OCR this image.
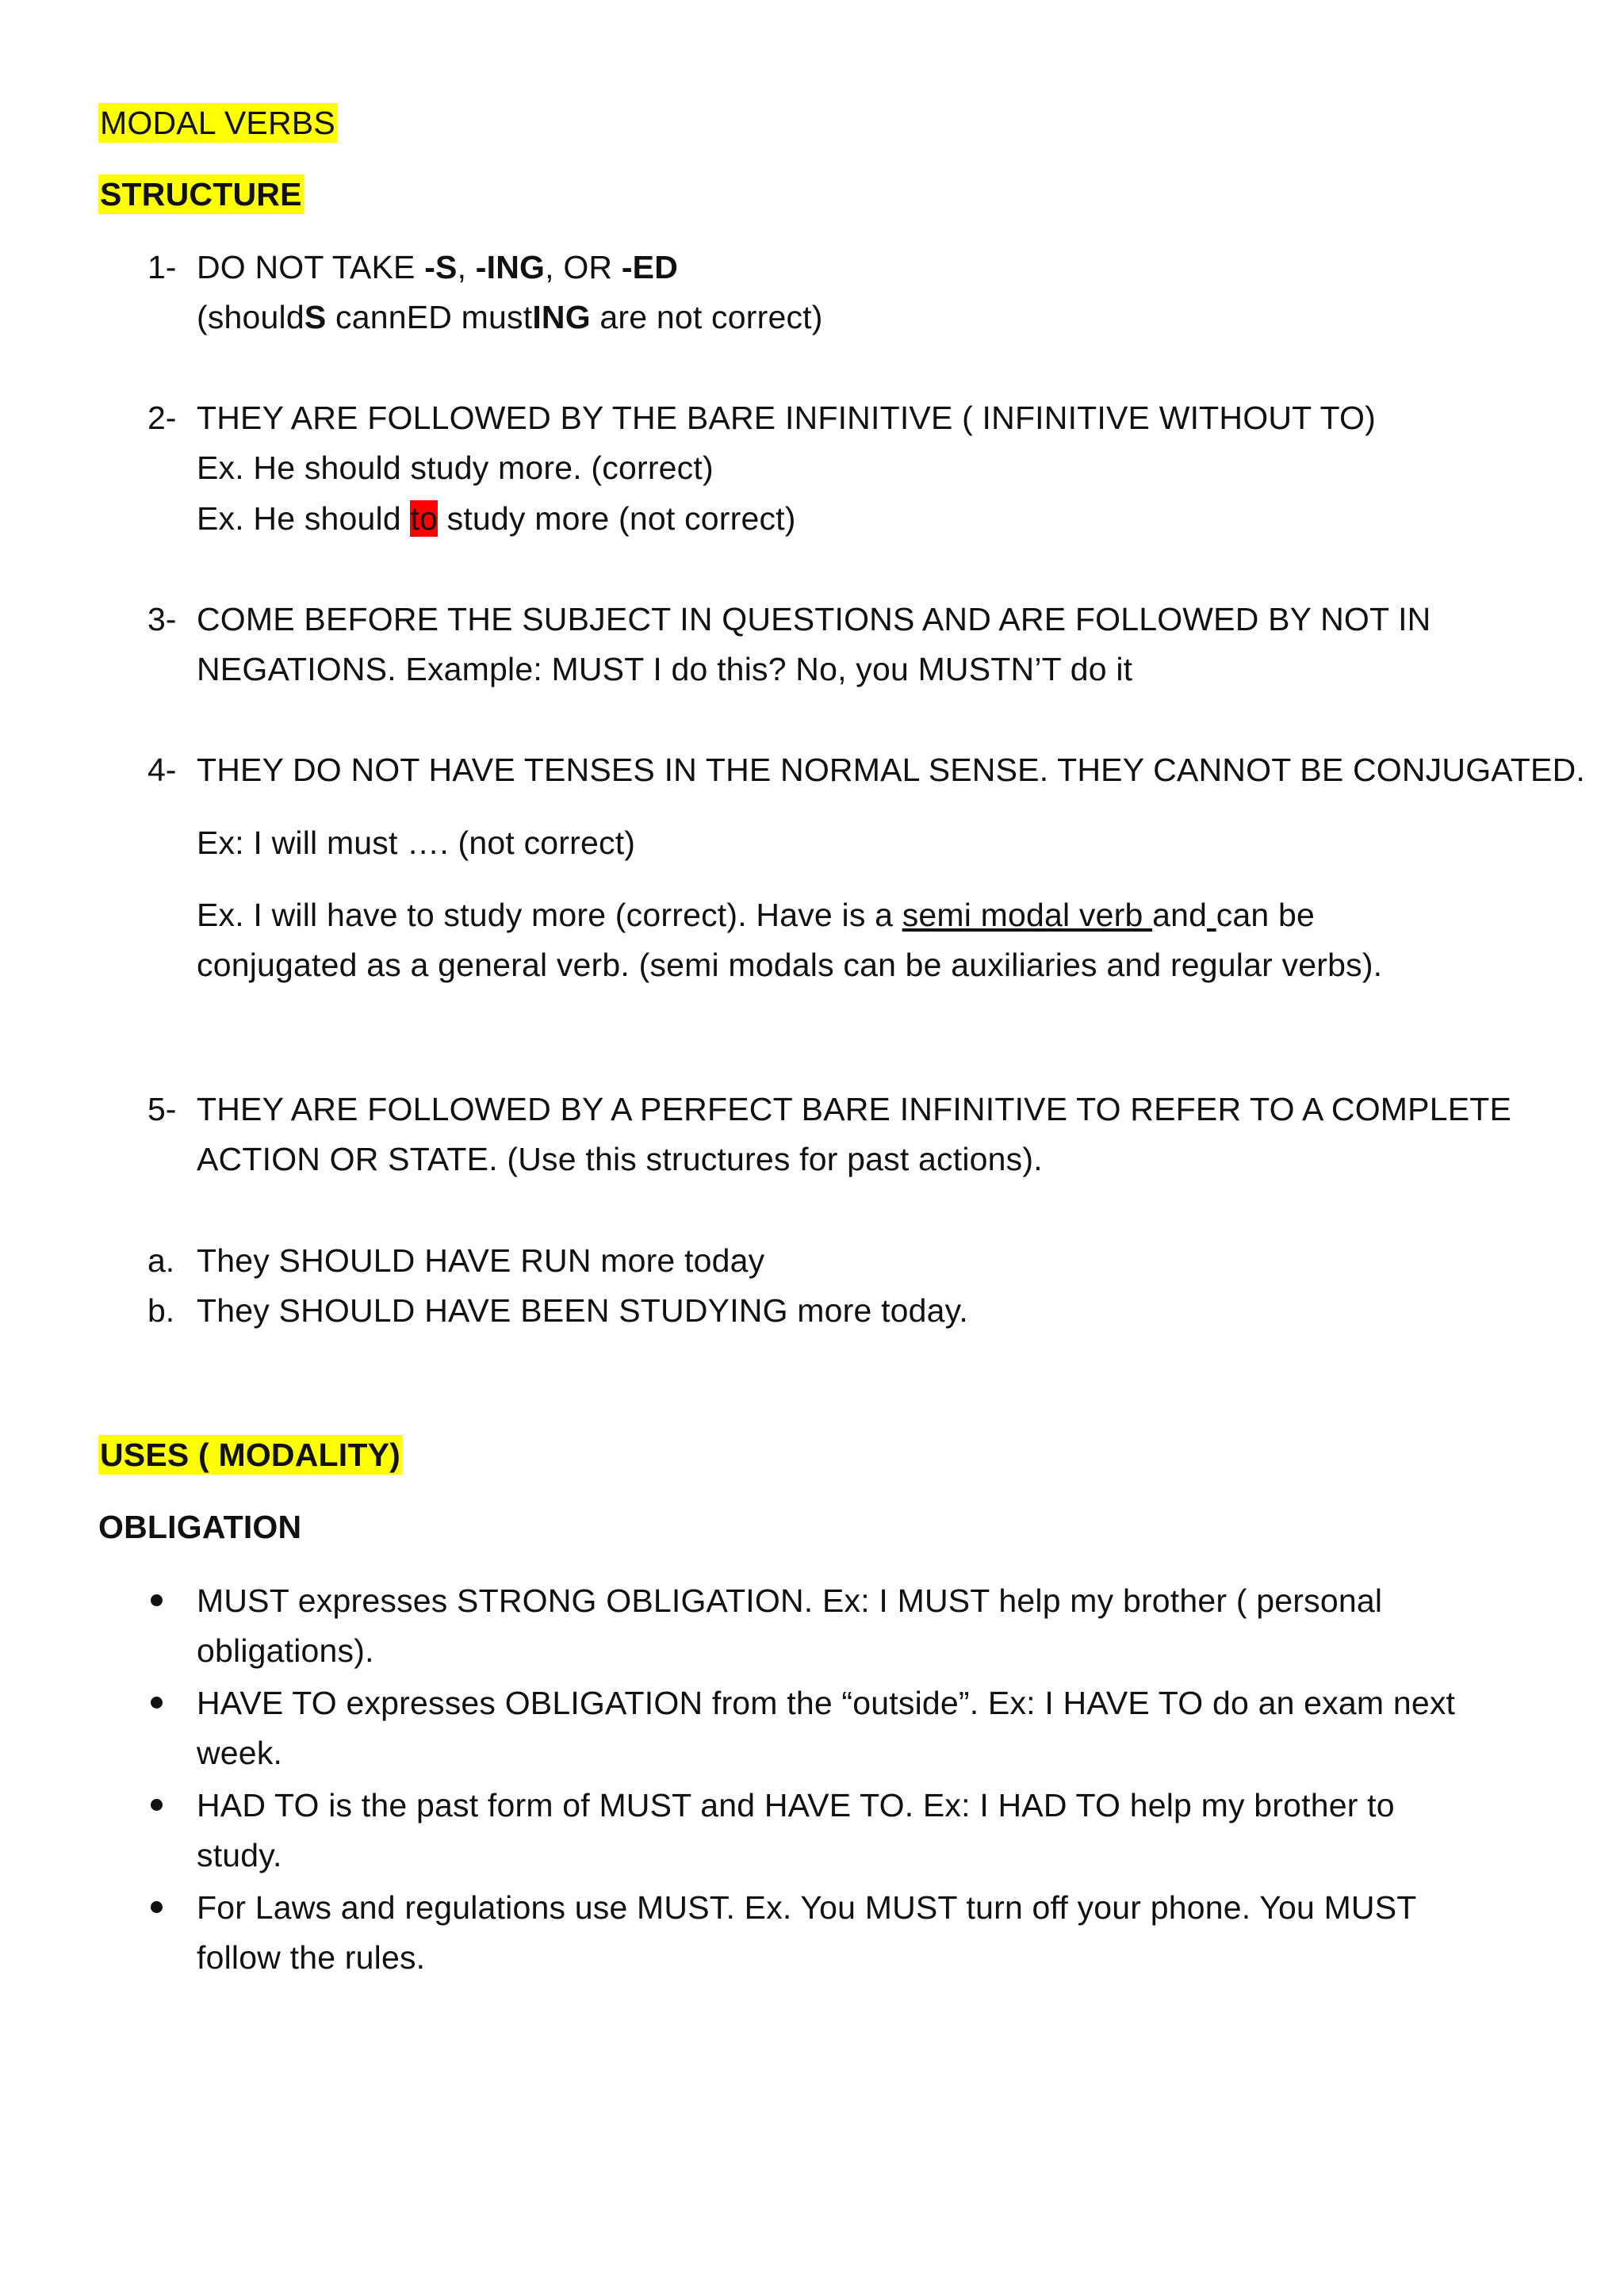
MODAL VERBS
STRUCTURE
1- DO NOT TAKE -S, -ING, OR -ED
(shouldS cannED mustING are not correct)
2- THEY ARE FOLLOWED BY THE BARE INFINITIVE ( INFINITIVE WITHOUT TO)
Ex. He should study more. (correct)
Ex. He should to study more (not correct)
3- COME BEFORE THE SUBJECT IN QUESTIONS AND ARE FOLLOWED BY NOT IN
NEGATIONS. Example: MUST I do this? No, you MUSTN’T do it
4- THEY DO NOT HAVE TENSES IN THE NORMAL SENSE. THEY CANNOT BE CONJUGATED.
Ex: I will must …. (not correct)
Ex. I will have to study more (correct). Have is a semi modal verb and can be
conjugated as a general verb. (semi modals can be auxiliaries and regular verbs).
5- THEY ARE FOLLOWED BY A PERFECT BARE INFINITIVE TO REFER TO A COMPLETE
ACTION OR STATE. (Use this structures for past actions).
a. They SHOULD HAVE RUN more today
b. They SHOULD HAVE BEEN STUDYING more today.
USES ( MODALITY)
OBLIGATION
MUST expresses STRONG OBLIGATION. Ex: I MUST help my brother ( personal
obligations).
HAVE TO expresses OBLIGATION from the “outside”. Ex: I HAVE TO do an exam next
week.
HAD TO is the past form of MUST and HAVE TO. Ex: I HAD TO help my brother to
study.
For Laws and regulations use MUST. Ex. You MUST turn off your phone. You MUST
follow the rules.
